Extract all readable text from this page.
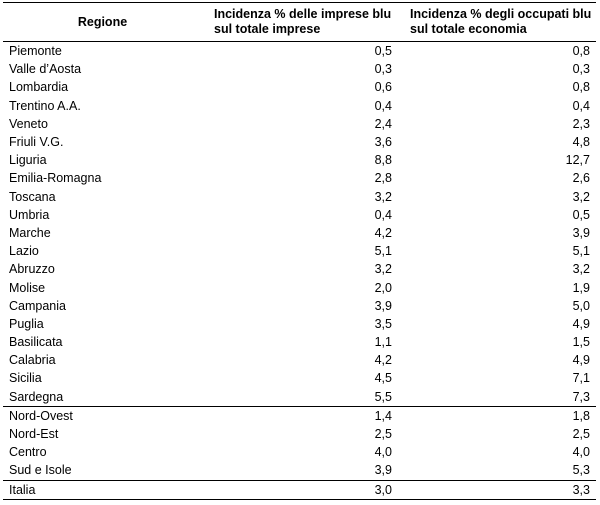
Regione	Incidenza % delle imprese blu sul totale imprese	Incidenza % degli occupati blu sul totale economia
Piemonte	0,5	0,8
Valle d’Aosta	0,3	0,3
Lombardia	0,6	0,8
Trentino A.A.	0,4	0,4
Veneto	2,4	2,3
Friuli V.G.	3,6	4,8
Liguria	8,8	12,7
Emilia-Romagna	2,8	2,6
Toscana	3,2	3,2
Umbria	0,4	0,5
Marche	4,2	3,9
Lazio	5,1	5,1
Abruzzo	3,2	3,2
Molise	2,0	1,9
Campania	3,9	5,0
Puglia	3,5	4,9
Basilicata	1,1	1,5
Calabria	4,2	4,9
Sicilia	4,5	7,1
Sardegna	5,5	7,3
Nord-Ovest	1,4	1,8
Nord-Est	2,5	2,5
Centro	4,0	4,0
Sud e Isole	3,9	5,3
Italia	3,0	3,3
